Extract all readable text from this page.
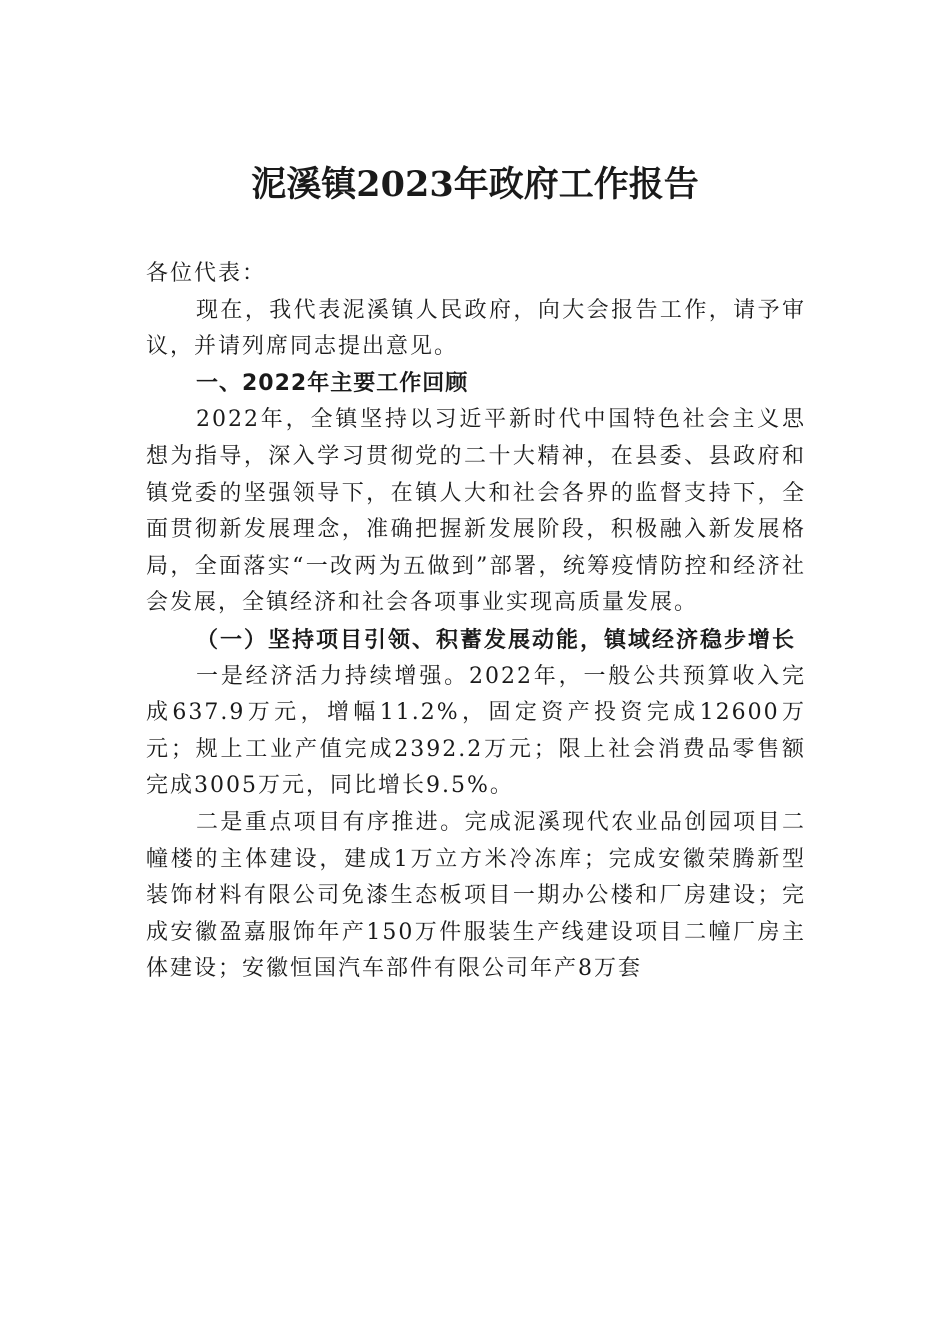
泥溪镇2023年政府工作报告

各位代表：

现在，我代表泥溪镇人民政府，向大会报告工作，请予审议，并请列席同志提出意见。

一、2022年主要工作回顾

2022年，全镇坚持以习近平新时代中国特色社会主义思想为指导，深入学习贯彻党的二十大精神，在县委、县政府和镇党委的坚强领导下，在镇人大和社会各界的监督支持下，全面贯彻新发展理念，准确把握新发展阶段，积极融入新发展格局，全面落实“一改两为五做到”部署，统筹疫情防控和经济社会发展，全镇经济和社会各项事业实现高质量发展。

（一）坚持项目引领、积蓄发展动能，镇域经济稳步增长

一是经济活力持续增强。2022年，一般公共预算收入完成637.9万元，增幅11.2%，固定资产投资完成12600万元；规上工业产值完成2392.2万元；限上社会消费品零售额完成3005万元，同比增长9.5%。

二是重点项目有序推进。完成泥溪现代农业品创园项目二幢楼的主体建设，建成1万立方米冷冻库；完成安徽荣腾新型装饰材料有限公司免漆生态板项目一期办公楼和厂房建设；完成安徽盈嘉服饰年产150万件服装生产线建设项目二幢厂房主体建设；安徽恒国汽车部件有限公司年产8万套
